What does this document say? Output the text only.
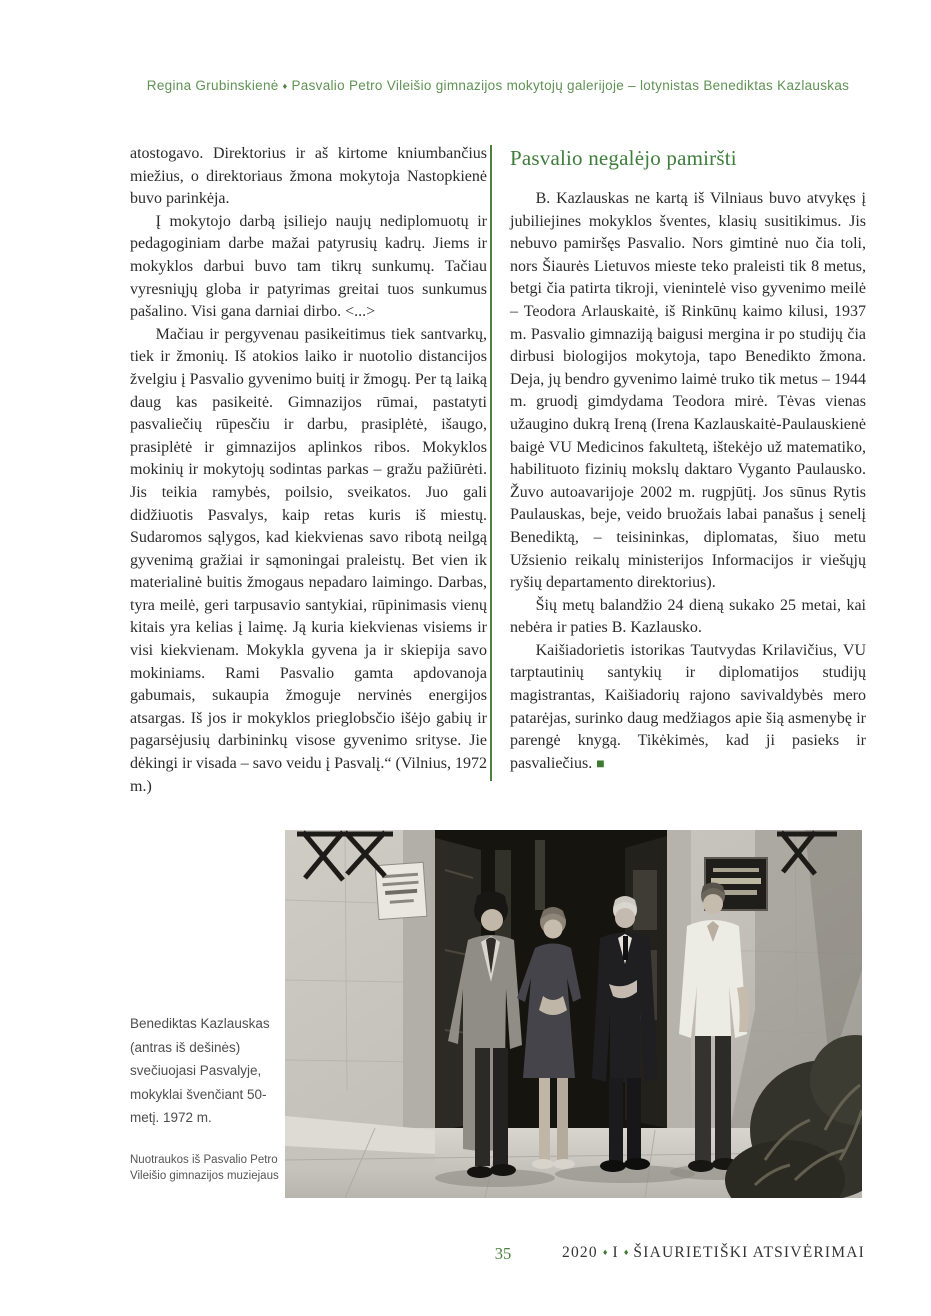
Regina Grubinskienė ♦ Pasvalio Petro Vileišio gimnazijos mokytojų galerijoje – lotynistas Benediktas Kazlauskas

atostogavo. Direktorius ir aš kirtome kniumbančius miežius, o direktoriaus žmona mokytoja Nastopkienė buvo parinkėja.

Į mokytojo darbą įsiliejo naujų nediplomuotų ir pedagoginiam darbe mažai patyrusių kadrų. Jiems ir mokyklos darbui buvo tam tikrų sunkumų. Tačiau vyresniųjų globa ir patyrimas greitai tuos sunkumus pašalino. Visi gana darniai dirbo. <...>

Mačiau ir pergyvenau pasikeitimus tiek santvarkų, tiek ir žmonių. Iš atokios laiko ir nuotolio distancijos žvelgiu į Pasvalio gyvenimo buitį ir žmogų. Per tą laiką daug kas pasikeitė. Gimnazijos rūmai, pastatyti pasvaliečių rūpesčiu ir darbu, prasiplėtė, išaugo, prasiplėtė ir gimnazijos aplinkos ribos. Mokyklos mokinių ir mokytojų sodintas parkas – gražu pažiūrėti. Jis teikia ramybės, poilsio, sveikatos. Juo gali didžiuotis Pasvalys, kaip retas kuris iš miestų. Sudaromos sąlygos, kad kiekvienas savo ribotą neilgą gyvenimą gražiai ir sąmoningai praleistų. Bet vien ik materialinė buitis žmogaus nepadaro laimingo. Darbas, tyra meilė, geri tarpusavio santykiai, rūpinimasis vienų kitais yra kelias į laimę. Ją kuria kiekvienas visiems ir visi kiekvienam. Mokykla gyvena ja ir skiepija savo mokiniams. Rami Pasvalio gamta apdovanoja gabumais, sukaupia žmoguje nervinės energijos atsargas. Iš jos ir mokyklos prieglobsčio išėjo gabių ir pagarsėjusių darbininkų visose gyvenimo srityse. Jie dėkingi ir visada – savo veidu į Pasvalį.“ (Vilnius, 1972 m.)

Pasvalio negalėjo pamiršti

B. Kazlauskas ne kartą iš Vilniaus buvo atvykęs į jubiliejines mokyklos šventes, klasių susitikimus. Jis nebuvo pamiršęs Pasvalio. Nors gimtinė nuo čia toli, nors Šiaurės Lietuvos mieste teko praleisti tik 8 metus, betgi čia patirta tikroji, vienintelė viso gyvenimo meilė – Teodora Arlauskaitė, iš Rinkūnų kaimo kilusi, 1937 m. Pasvalio gimnaziją baigusi mergina ir po studijų čia dirbusi biologijos mokytoja, tapo Benedikto žmona. Deja, jų bendro gyvenimo laimė truko tik metus – 1944 m. gruodį gimdydama Teodora mirė. Tėvas vienas užaugino dukrą Ireną (Irena Kazlauskaitė-Paulauskienė baigė VU Medicinos fakultetą, ištekėjo už matematiko, habilituoto fizinių mokslų daktaro Vyganto Paulausko. Žuvo autoavarijoje 2002 m. rugpjūtį. Jos sūnus Rytis Paulauskas, beje, veido bruožais labai panašus į senelį Benediktą, – teisininkas, diplomatas, šiuo metu Užsienio reikalų ministerijos Informacijos ir viešųjų ryšių departamento direktorius).

Šių metų balandžio 24 dieną sukako 25 metai, kai nebėra ir paties B. Kazlausko.

Kaišiadorietis istorikas Tautvydas Krilavičius, VU tarptautinių santykių ir diplomatijos studijų magistrantas, Kaišiadorių rajono savivaldybės mero patarėjas, surinko daug medžiagos apie šią asmenybę ir parengė knygą. Tikėkimės, kad ji pasieks ir pasvaliečius. ■

Benediktas Kazlauskas (antras iš dešinės) svečiuojasi Pasvalyje, mokyklai švenčiant 50-metį. 1972 m.
Nuotraukos iš Pasvalio Petro Vileišio gimnazijos muziejaus
35	2020 ♦ I ♦ ŠIAURIETIŠKI ATSIVĖRIMAI
